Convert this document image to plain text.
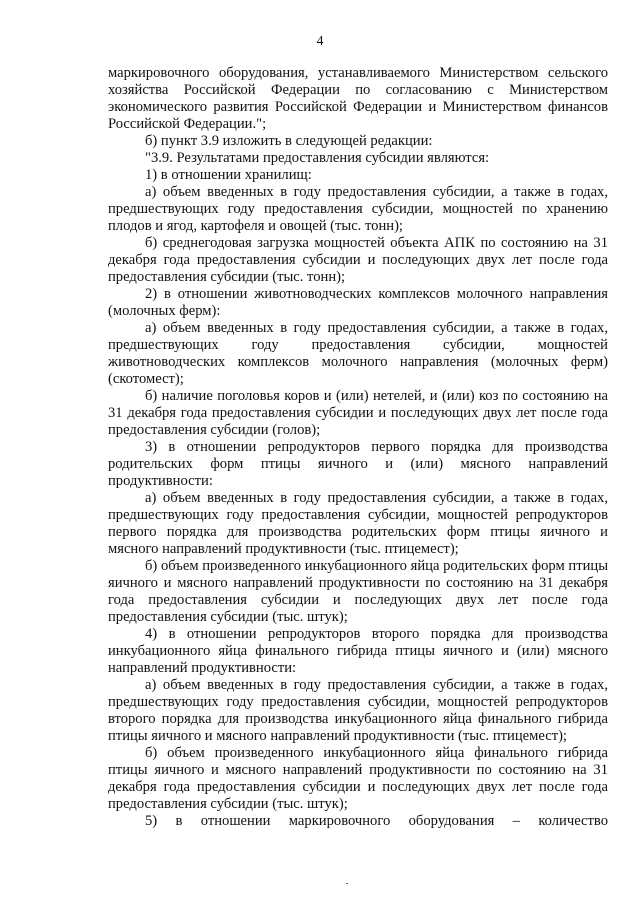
4

маркировочного оборудования, устанавливаемого Министерством сельского хозяйства Российской Федерации по согласованию с Министерством экономического развития Российской Федерации и Министерством финансов Российской Федерации.";

б) пункт 3.9 изложить в следующей редакции:

"3.9. Результатами предоставления субсидии являются:

1) в отношении хранилищ:

а) объем введенных в году предоставления субсидии, а также в годах, предшествующих году предоставления субсидии, мощностей по хранению плодов и ягод, картофеля и овощей (тыс. тонн);

б) среднегодовая загрузка мощностей объекта АПК по состоянию на 31 декабря года предоставления субсидии и последующих двух лет после года предоставления субсидии (тыс. тонн);

2) в отношении животноводческих комплексов молочного направления (молочных ферм):

а) объем введенных в году предоставления субсидии, а также в годах, предшествующих году предоставления субсидии, мощностей животноводческих комплексов молочного направления (молочных ферм) (скотомест);

б) наличие поголовья коров и (или) нетелей, и (или) коз по состоянию на 31 декабря года предоставления субсидии и последующих двух лет после года предоставления субсидии (голов);

3) в отношении репродукторов первого порядка для производства родительских форм птицы яичного и (или) мясного направлений продуктивности:

а) объем введенных в году предоставления субсидии, а также в годах, предшествующих году предоставления субсидии, мощностей репродукторов первого порядка для производства родительских форм птицы яичного и мясного направлений продуктивности (тыс. птицемест);

б) объем произведенного инкубационного яйца родительских форм птицы яичного и мясного направлений продуктивности по состоянию на 31 декабря года предоставления субсидии и последующих двух лет после года предоставления субсидии (тыс. штук);

4) в отношении репродукторов второго порядка для производства инкубационного яйца финального гибрида птицы яичного и (или) мясного направлений продуктивности:

а) объем введенных в году предоставления субсидии, а также в годах, предшествующих году предоставления субсидии, мощностей репродукторов второго порядка для производства инкубационного яйца финального гибрида птицы яичного и мясного направлений продуктивности (тыс. птицемест);

б) объем произведенного инкубационного яйца финального гибрида птицы яичного и мясного направлений продуктивности по состоянию на 31 декабря года предоставления субсидии и последующих двух лет после года предоставления субсидии (тыс. штук);

5) в отношении маркировочного оборудования – количество
